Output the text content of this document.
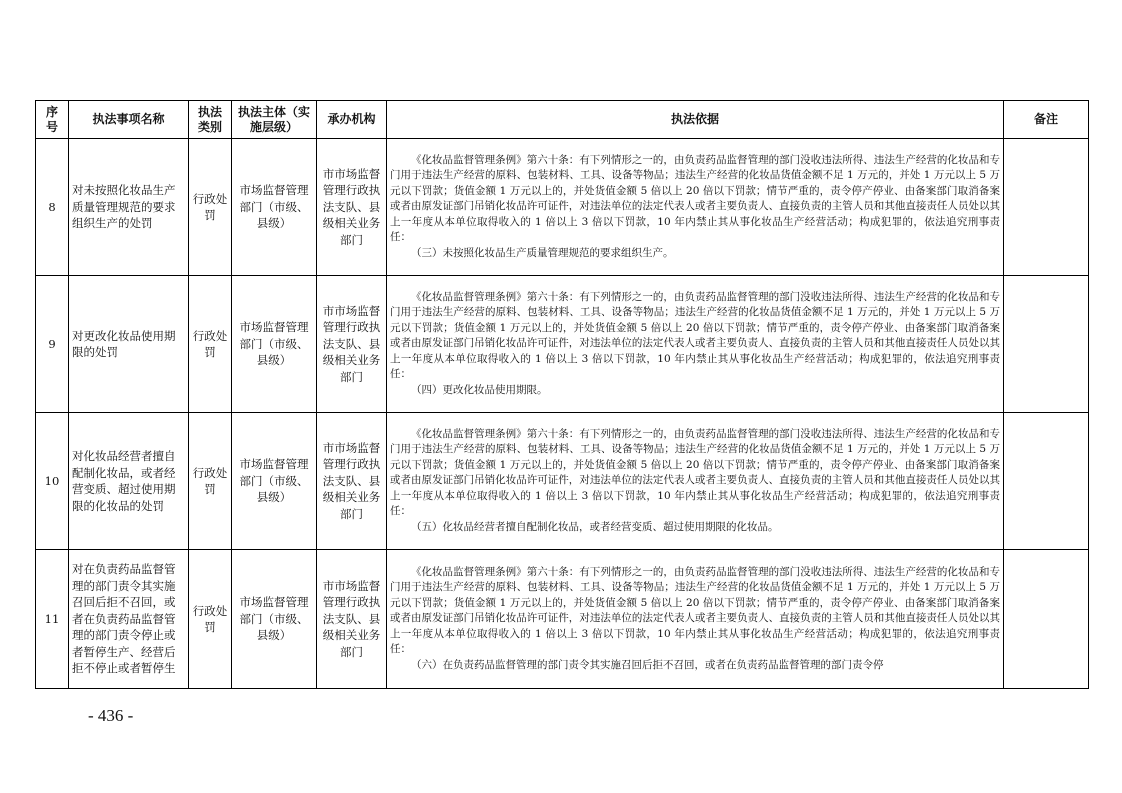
序号	执法事项名称	执法类别	执法主体（实施层级）	承办机构	执法依据	备注
8	对未按照化妆品生产质量管理规范的要求组织生产的处罚	行政处罚	市场监督管理部门（市级、县级）	市市场监督管理行政执法支队、县级相关业务部门	《化妆品监督管理条例》第六十条：有下列情形之一的，由负责药品监督管理的部门没收违法所得、违法生产经营的化妆品和专门用于违法生产经营的原料、包装材料、工具、设备等物品；违法生产经营的化妆品货值金额不足 1 万元的，并处 1 万元以上 5 万元以下罚款；货值金额 1 万元以上的，并处货值金额 5 倍以上 20 倍以下罚款；情节严重的，责令停产停业、由备案部门取消备案或者由原发证部门吊销化妆品许可证件，对违法单位的法定代表人或者主要负责人、直接负责的主管人员和其他直接责任人员处以其上一年度从本单位取得收入的 1 倍以上 3 倍以下罚款，10 年内禁止其从事化妆品生产经营活动；构成犯罪的，依法追究刑事责任：
（三）未按照化妆品生产质量管理规范的要求组织生产。	

9	对更改化妆品使用期限的处罚	行政处罚	市场监督管理部门（市级、县级）	市市场监督管理行政执法支队、县级相关业务部门	《化妆品监督管理条例》第六十条：有下列情形之一的，由负责药品监督管理的部门没收违法所得、违法生产经营的化妆品和专门用于违法生产经营的原料、包装材料、工具、设备等物品；违法生产经营的化妆品货值金额不足 1 万元的，并处 1 万元以上 5 万元以下罚款；货值金额 1 万元以上的，并处货值金额 5 倍以上 20 倍以下罚款；情节严重的，责令停产停业、由备案部门取消备案或者由原发证部门吊销化妆品许可证件，对违法单位的法定代表人或者主要负责人、直接负责的主管人员和其他直接责任人员处以其上一年度从本单位取得收入的 1 倍以上 3 倍以下罚款，10 年内禁止其从事化妆品生产经营活动；构成犯罪的，依法追究刑事责任：
（四）更改化妆品使用期限。	

10	对化妆品经营者擅自配制化妆品，或者经营变质、超过使用期限的化妆品的处罚	行政处罚	市场监督管理部门（市级、县级）	市市场监督管理行政执法支队、县级相关业务部门	《化妆品监督管理条例》第六十条：有下列情形之一的，由负责药品监督管理的部门没收违法所得、违法生产经营的化妆品和专门用于违法生产经营的原料、包装材料、工具、设备等物品；违法生产经营的化妆品货值金额不足 1 万元的，并处 1 万元以上 5 万元以下罚款；货值金额 1 万元以上的，并处货值金额 5 倍以上 20 倍以下罚款；情节严重的，责令停产停业、由备案部门取消备案或者由原发证部门吊销化妆品许可证件，对违法单位的法定代表人或者主要负责人、直接负责的主管人员和其他直接责任人员处以其上一年度从本单位取得收入的 1 倍以上 3 倍以下罚款，10 年内禁止其从事化妆品生产经营活动；构成犯罪的，依法追究刑事责任：
（五）化妆品经营者擅自配制化妆品，或者经营变质、超过使用期限的化妆品。	

11	对在负责药品监督管理的部门责令其实施召回后拒不召回，或者在负责药品监督管理的部门责令停止或者暂停生产、经营后拒不停止或者暂停生	行政处罚	市场监督管理部门（市级、县级）	市市场监督管理行政执法支队、县级相关业务部门	《化妆品监督管理条例》第六十条：有下列情形之一的，由负责药品监督管理的部门没收违法所得、违法生产经营的化妆品和专门用于违法生产经营的原料、包装材料、工具、设备等物品；违法生产经营的化妆品货值金额不足 1 万元的，并处 1 万元以上 5 万元以下罚款；货值金额 1 万元以上的，并处货值金额 5 倍以上 20 倍以下罚款；情节严重的，责令停产停业、由备案部门取消备案或者由原发证部门吊销化妆品许可证件，对违法单位的法定代表人或者主要负责人、直接负责的主管人员和其他直接责任人员处以其上一年度从本单位取得收入的 1 倍以上 3 倍以下罚款，10 年内禁止其从事化妆品生产经营活动；构成犯罪的，依法追究刑事责任：
（六）在负责药品监督管理的部门责令其实施召回后拒不召回，或者在负责药品监督管理的部门责令停	

- 436 -
